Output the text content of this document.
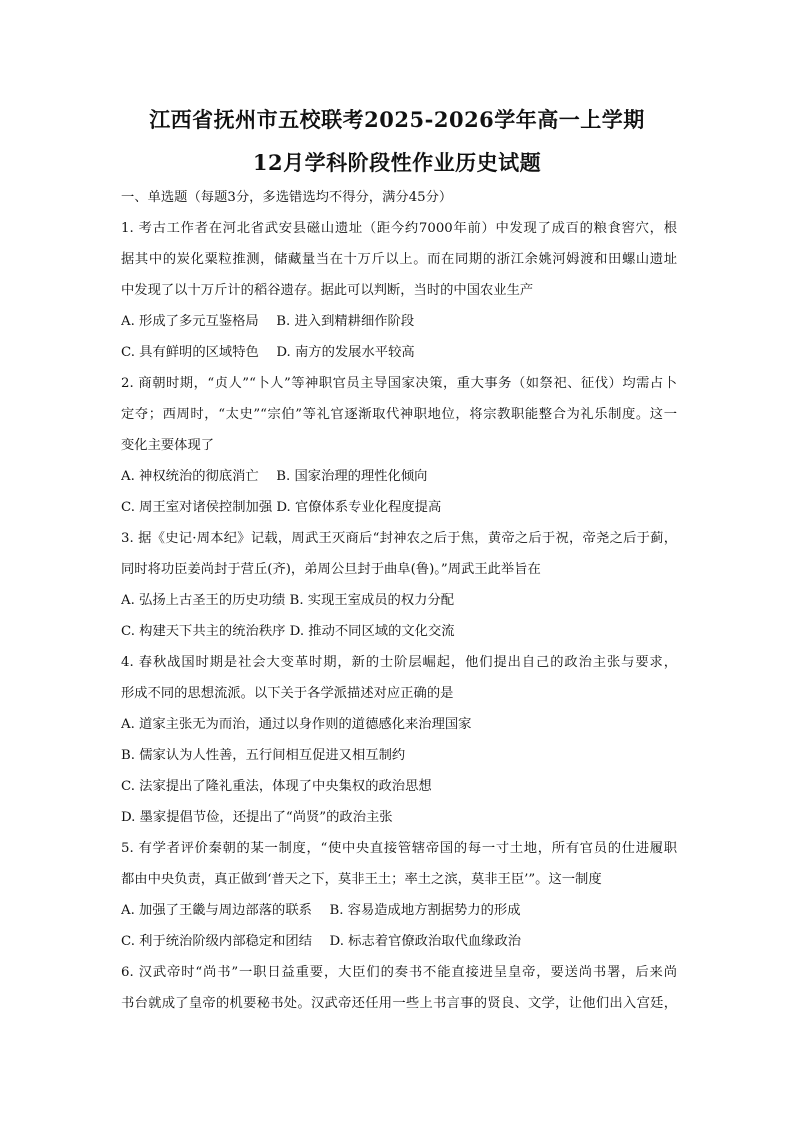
江西省抚州市五校联考2025-2026学年高一上学期
12月学科阶段性作业历史试题
一、单选题（每题3分，多选错选均不得分，满分45分）
1. 考古工作者在河北省武安县磁山遗址（距今约7000年前）中发现了成百的粮食窖穴，根
据其中的炭化粟粒推测，储藏量当在十万斤以上。而在同期的浙江余姚河姆渡和田螺山遗址
中发现了以十万斤计的稻谷遗存。据此可以判断，当时的中国农业生产
A. 形成了多元互鉴格局　 B. 进入到精耕细作阶段
C. 具有鲜明的区域特色　 D. 南方的发展水平较高
2. 商朝时期，“贞人”“卜人”等神职官员主导国家决策，重大事务（如祭祀、征伐）均需占卜
定夺；西周时，“太史”“宗伯”等礼官逐渐取代神职地位，将宗教职能整合为礼乐制度。这一
变化主要体现了
A. 神权统治的彻底消亡　 B. 国家治理的理性化倾向
C. 周王室对诸侯控制加强 D. 官僚体系专业化程度提高
3. 据《史记·周本纪》记载，周武王灭商后“封神农之后于焦，黄帝之后于祝，帝尧之后于蓟，
同时将功臣姜尚封于营丘(齐)，弟周公旦封于曲阜(鲁)。”周武王此举旨在
A. 弘扬上古圣王的历史功绩 B. 实现王室成员的权力分配
C. 构建天下共主的统治秩序 D. 推动不同区域的文化交流
4. 春秋战国时期是社会大变革时期，新的士阶层崛起，他们提出自己的政治主张与要求，
形成不同的思想流派。以下关于各学派描述对应正确的是
A. 道家主张无为而治，通过以身作则的道德感化来治理国家
B. 儒家认为人性善，五行间相互促进又相互制约
C. 法家提出了隆礼重法，体现了中央集权的政治思想
D. 墨家提倡节俭，还提出了“尚贤”的政治主张
5. 有学者评价秦朝的某一制度，“使中央直接管辖帝国的每一寸土地，所有官员的仕进履职
都由中央负责，真正做到‘普天之下，莫非王土；率土之滨，莫非王臣’”。这一制度
A. 加强了王畿与周边部落的联系　 B. 容易造成地方割据势力的形成
C. 利于统治阶级内部稳定和团结　 D. 标志着官僚政治取代血缘政治
6. 汉武帝时“尚书”一职日益重要，大臣们的奏书不能直接进呈皇帝，要送尚书署，后来尚
书台就成了皇帝的机要秘书处。汉武帝还任用一些上书言事的贤良、文学，让他们出入宫廷，
